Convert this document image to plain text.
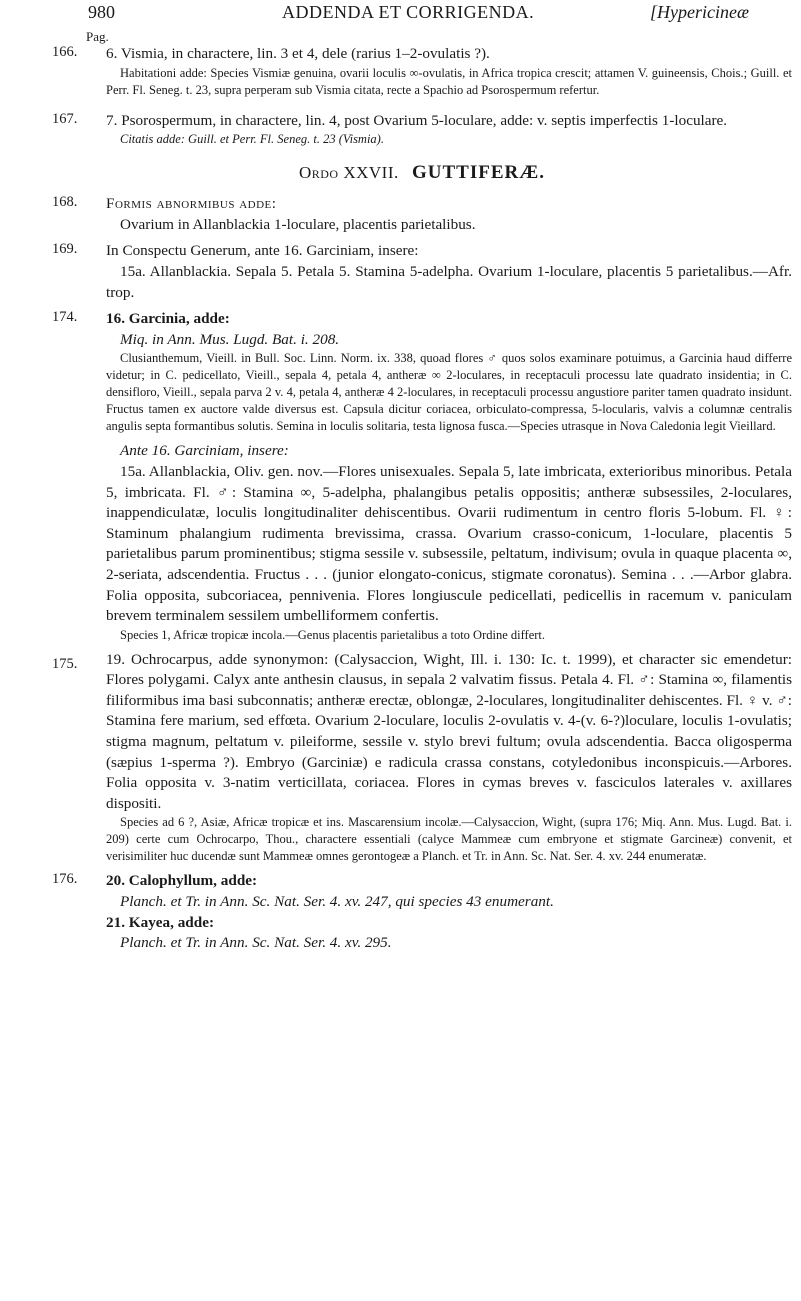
980	ADDENDA ET CORRIGENDA.	[Hypericineæ
Pag.
166. 6. Vismia, in charactere, lin. 3 et 4, dele (rarius 1–2-ovulatis ?).
Habitationi adde: Species Vismiæ genuina, ovarii loculis ∞-ovulatis, in Africa tropica crescit; attamen V. guineensis, Chois.; Guill. et Perr. Fl. Seneg. t. 23, supra perperam sub Vismia citata, recte a Spachio ad Psorospermum refertur.
167. 7. Psorospermum, in charactere, lin. 4, post Ovarium 5-loculare, adde: v. septis imperfectis 1-loculare.
Citatis adde: Guill. et Perr. Fl. Seneg. t. 23 (Vismia).
Ordo XXVII. GUTTIFERÆ.
168. Formis abnormibus adde:
Ovarium in Allanblackia 1-loculare, placentis parietalibus.
169. In Conspectu Generum, ante 16. Garciniam, insere:
15a. Allanblackia. Sepala 5. Petala 5. Stamina 5-adelpha. Ovarium 1-loculare, placentis 5 parietalibus.—Afr. trop.
174. 16. Garcinia, adde:
Miq. in Ann. Mus. Lugd. Bat. i. 208.
Clusianthemum, Vieill. in Bull. Soc. Linn. Norm. ix. 338, quoad flores ♂ quos solos examinare potuimus, a Garcinia haud differre videtur; in C. pedicellato, Vieill., sepala 4, petala 4, antheræ ∞ 2-loculares, in receptaculi processu late quadrato insidentia; in C. densifloro, Vieill., sepala parva 2 v. 4, petala 4, antheræ 4 2-loculares, in receptaculi processu angustiore pariter tamen quadrato insidunt. Fructus tamen ex auctore valde diversus est. Capsula dicitur coriacea, orbiculato-compressa, 5-locularis, valvis a columnæ centralis angulis septa formantibus solutis. Semina in loculis solitaria, testa lignosa fusca.—Species utrasque in Nova Caledonia legit Vieillard.
Ante 16. Garciniam, insere:
15a. Allanblackia, Oliv. gen. nov.—Flores unisexuales. Sepala 5, late imbricata, exterioribus minoribus. Petala 5, imbricata. Fl. ♂: Stamina ∞, 5-adelpha, phalangibus petalis oppositis; antheræ subsessiles, 2-loculares, inappendiculatæ, loculis longitudinaliter dehiscentibus. Ovarii rudimentum in centro floris 5-lobum. Fl. ♀: Staminum phalangium rudimenta brevissima, crassa. Ovarium crasso-conicum, 1-loculare, placentis 5 parietalibus parum prominentibus; stigma sessile v. subsessile, peltatum, indivisum; ovula in quaque placenta ∞, 2-seriata, adscendentia. Fructus . . . (junior elongato-conicus, stigmate coronatus). Semina . . .—Arbor glabra. Folia opposita, subcoriacea, pennivenia. Flores longiuscule pedicellati, pedicellis in racemum v. paniculam brevem terminalem sessilem umbelliformem confertis.
Species 1, Africæ tropicæ incola.—Genus placentis parietalibus a toto Ordine differt.
175. 19. Ochrocarpus, adde synonymon: (Calysaccion, Wight, Ill. i. 130: Ic. t. 1999), et character sic emendetur: Flores polygami. Calyx ante anthesin clausus, in sepala 2 valvatim fissus. Petala 4. Fl. ♂: Stamina ∞, filamentis filiformibus ima basi subconnatis; antheræ erectæ, oblongæ, 2-loculares, longitudinaliter dehiscentes. Fl. ♀ v. ♂: Stamina fere marium, sed effœta. Ovarium 2-loculare, loculis 2-ovulatis v. 4-(v. 6-?)loculare, loculis 1-ovulatis; stigma magnum, peltatum v. pileiforme, sessile v. stylo brevi fultum; ovula adscendentia. Bacca oligosperma (sæpius 1-sperma ?). Embryo (Garciniæ) e radicula crassa constans, cotyledonibus inconspicuis.—Arbores. Folia opposita v. 3-natim verticillata, coriacea. Flores in cymas breves v. fasciculos laterales v. axillares dispositi.
Species ad 6 ?, Asiæ, Africæ tropicæ et ins. Mascarensium incolæ.—Calysaccion, Wight, (supra 176; Miq. Ann. Mus. Lugd. Bat. i. 209) certe cum Ochrocarpo, Thou., charactere essentiali (calyce Mammeæ cum embryone et stigmate Garcineæ) convenit, et verisimiliter huc ducendæ sunt Mammeæ omnes gerontogeæ a Planch. et Tr. in Ann. Sc. Nat. Ser. 4. xv. 244 enumeratæ.
176. 20. Calophyllum, adde:
Planch. et Tr. in Ann. Sc. Nat. Ser. 4. xv. 247, qui species 43 enumerant.
21. Kayea, adde:
Planch. et Tr. in Ann. Sc. Nat. Ser. 4. xv. 295.
